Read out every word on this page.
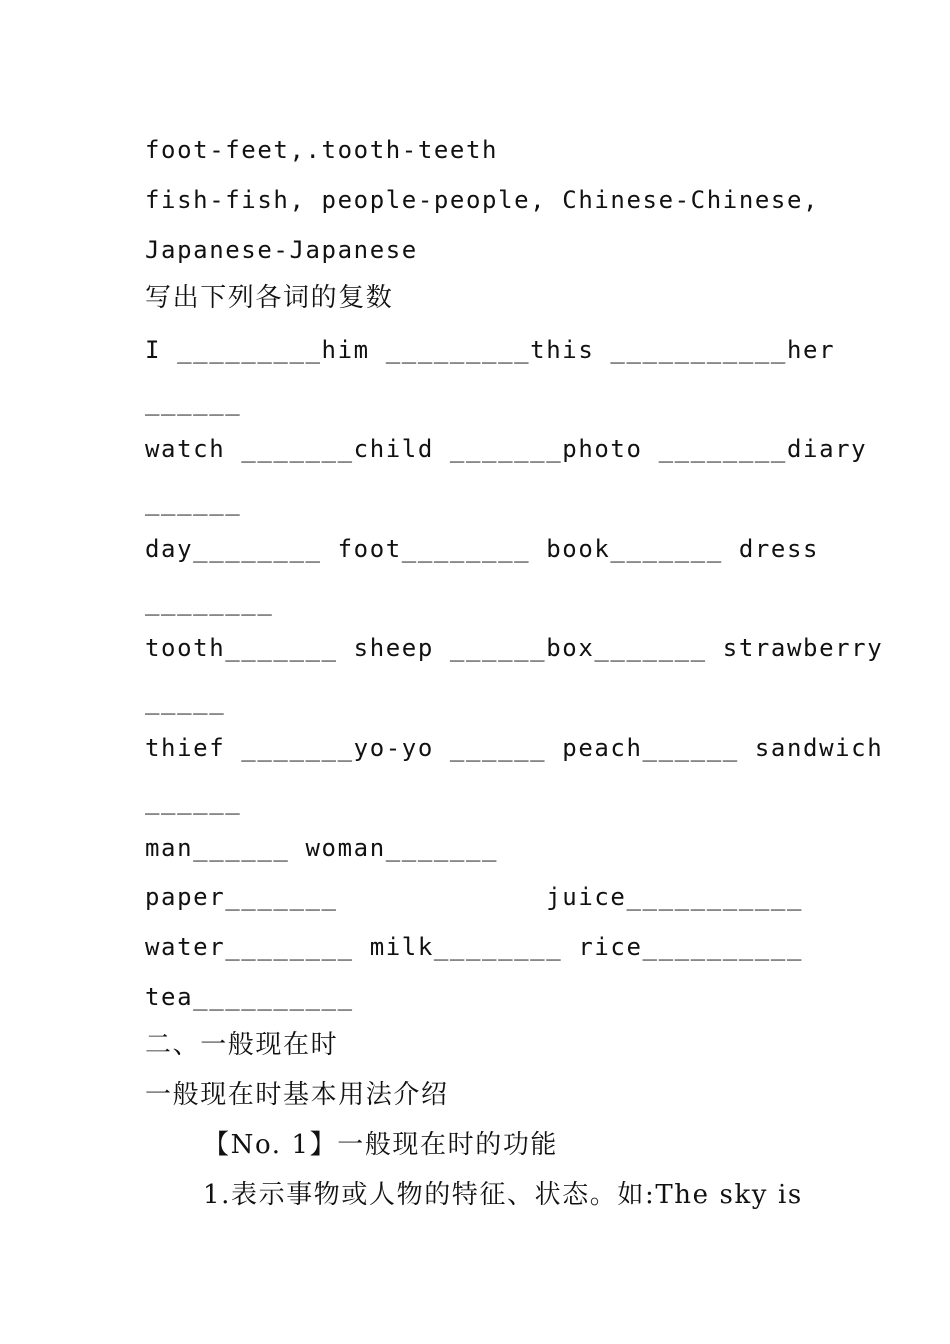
foot-feet,.tooth-teeth
fish-fish, people-people, Chinese-Chinese,
Japanese-Japanese
写出下列各词的复数
I _________him _________this ___________her
______
watch _______child _______photo ________diary
______
day________ foot________ book_______ dress
________
tooth_______ sheep ______box_______ strawberry
_____
thief _______yo-yo ______ peach______ sandwich
______
man______ woman_______
paper_______             juice___________
water________ milk________ rice__________
tea__________
二、一般现在时
一般现在时基本用法介绍
【No. 1】一般现在时的功能
1.表示事物或人物的特征、状态。如:The sky is
